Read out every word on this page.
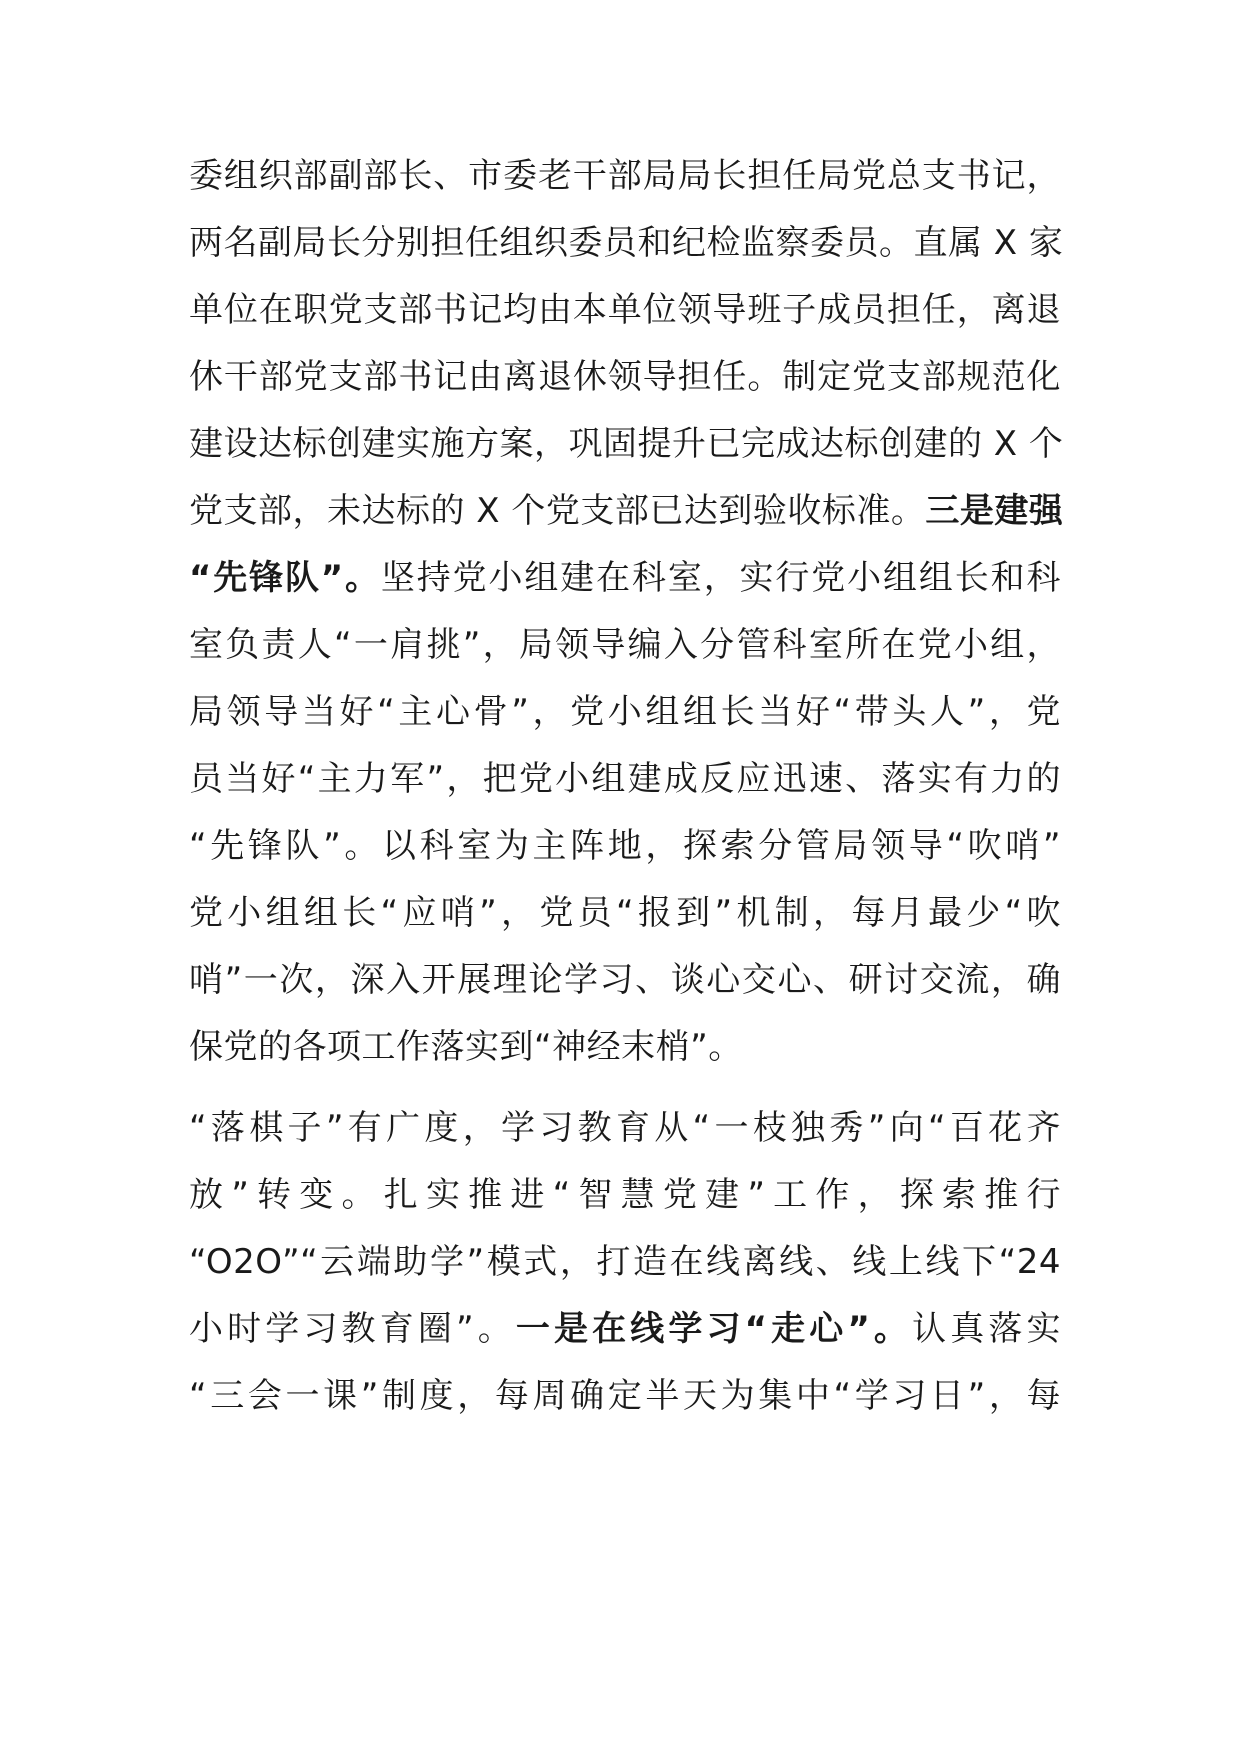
委组织部副部长、市委老干部局局长担任局党总支书记，
两名副局长分别担任组织委员和纪检监察委员。直属 X 家
单位在职党支部书记均由本单位领导班子成员担任，离退
休干部党支部书记由离退休领导担任。制定党支部规范化
建设达标创建实施方案，巩固提升已完成达标创建的 X 个
党支部，未达标的 X 个党支部已达到验收标准。三是建强
“先锋队”。坚持党小组建在科室，实行党小组组长和科
室负责人“一肩挑”，局领导编入分管科室所在党小组，
局领导当好“主心骨”，党小组组长当好“带头人”，党
员当好“主力军”，把党小组建成反应迅速、落实有力的
“先锋队”。以科室为主阵地，探索分管局领导“吹哨”
党小组组长“应哨”，党员“报到”机制，每月最少“吹
哨”一次，深入开展理论学习、谈心交心、研讨交流，确
保党的各项工作落实到“神经末梢”。
“落棋子”有广度，学习教育从“一枝独秀”向“百花齐
放”转变。扎实推进“智慧党建”工作，探索推行
“O2O”“云端助学”模式，打造在线离线、线上线下“24
小时学习教育圈”。一是在线学习“走心”。认真落实
“三会一课”制度，每周确定半天为集中“学习日”，每
